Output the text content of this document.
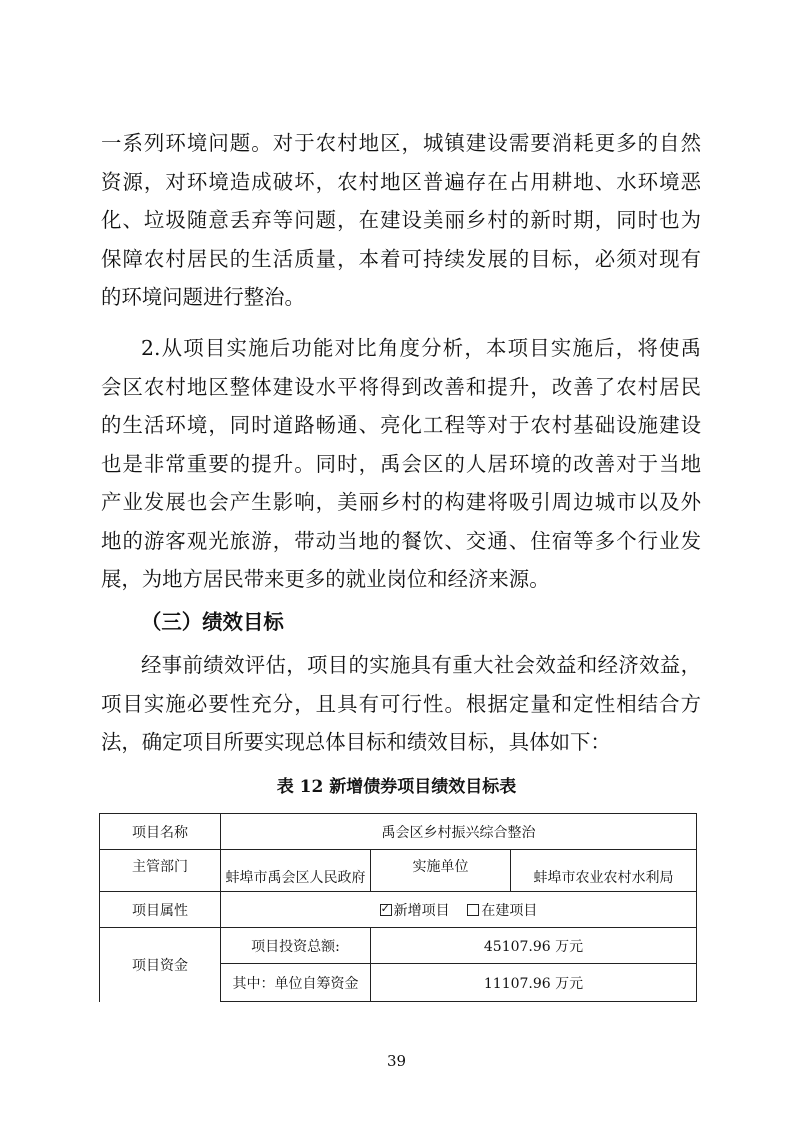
一系列环境问题。对于农村地区，城镇建设需要消耗更多的自然
资源，对环境造成破坏，农村地区普遍存在占用耕地、水环境恶
化、垃圾随意丢弃等问题，在建设美丽乡村的新时期，同时也为
保障农村居民的生活质量，本着可持续发展的目标，必须对现有
的环境问题进行整治。
2.从项目实施后功能对比角度分析，本项目实施后，将使禹
会区农村地区整体建设水平将得到改善和提升，改善了农村居民
的生活环境，同时道路畅通、亮化工程等对于农村基础设施建设
也是非常重要的提升。同时，禹会区的人居环境的改善对于当地
产业发展也会产生影响，美丽乡村的构建将吸引周边城市以及外
地的游客观光旅游，带动当地的餐饮、交通、住宿等多个行业发
展，为地方居民带来更多的就业岗位和经济来源。

（三）绩效目标

经事前绩效评估，项目的实施具有重大社会效益和经济效益，
项目实施必要性充分，且具有可行性。根据定量和定性相结合方
法，确定项目所要实现总体目标和绩效目标，具体如下：

表 12 新增债券项目绩效目标表

项目名称	禹会区乡村振兴综合整治		
主管部门	蚌埠市禹会区人民政府	实施单位	蚌埠市农业农村水利局
项目属性	✓新增项目 在建项目
项目资金	项目投资总额:	45107.96 万元	
	其中：单位自筹资金	11107.96 万元	

39
